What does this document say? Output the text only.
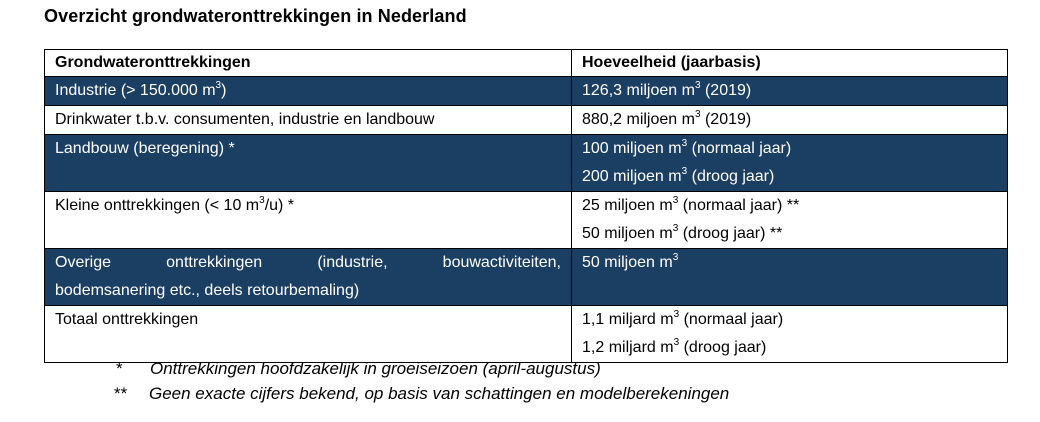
Overzicht grondwateronttrekkingen in Nederland
Grondwateronttrekkingen	Hoeveelheid (jaarbasis)
Industrie (> 150.000 $m^3$)	126,3 miljoen $m^3$ (2019)
Drinkwater t.b.v. consumenten, industrie en landbouw	880,2 miljoen $m^3$ (2019)
Landbouw (beregening) *	100 miljoen $m^3$ (normaal jaar)
200 miljoen $m^3$ (droog jaar)

Kleine onttrekkingen (< 10 $m^3/u$) *	25 miljoen $m^3$ (normaal jaar) **
50 miljoen $m^3$ (droog jaar) **

Overige onttrekkingen (industrie, bouwactiviteiten,
bodemsanering etc., deels retourbemaling)	50 miljoen $m^3$
Totaal onttrekkingen	1,1 miljard $m^3$ (normaal jaar)
1,2 miljard $m^3$ (droog jaar)
* Onttrekkingen hoofdzakelijk in groeiseizoen (april-augustus)
** Geen exacte cijfers bekend, op basis van schattingen en modelberekeningen
